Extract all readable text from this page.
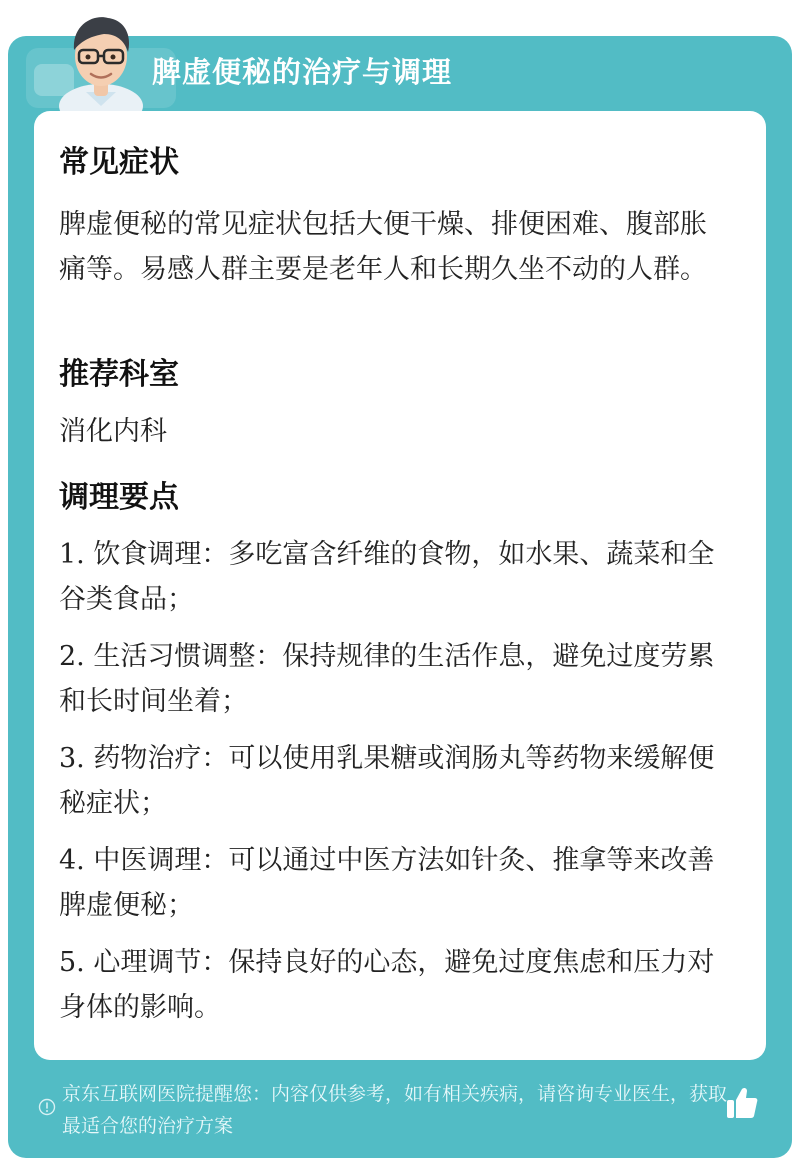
脾虚便秘的治疗与调理
常见症状
脾虚便秘的常见症状包括大便干燥、排便困难、腹部胀痛等。易感人群主要是老年人和长期久坐不动的人群。
推荐科室
消化内科
调理要点
1. 饮食调理：多吃富含纤维的食物，如水果、蔬菜和全谷类食品；
2. 生活习惯调整：保持规律的生活作息，避免过度劳累和长时间坐着；
3. 药物治疗：可以使用乳果糖或润肠丸等药物来缓解便秘症状；
4. 中医调理：可以通过中医方法如针灸、推拿等来改善脾虚便秘；
5. 心理调节：保持良好的心态，避免过度焦虑和压力对身体的影响。
京东互联网医院提醒您：内容仅供参考，如有相关疾病，请咨询专业医生，获取最适合您的治疗方案
